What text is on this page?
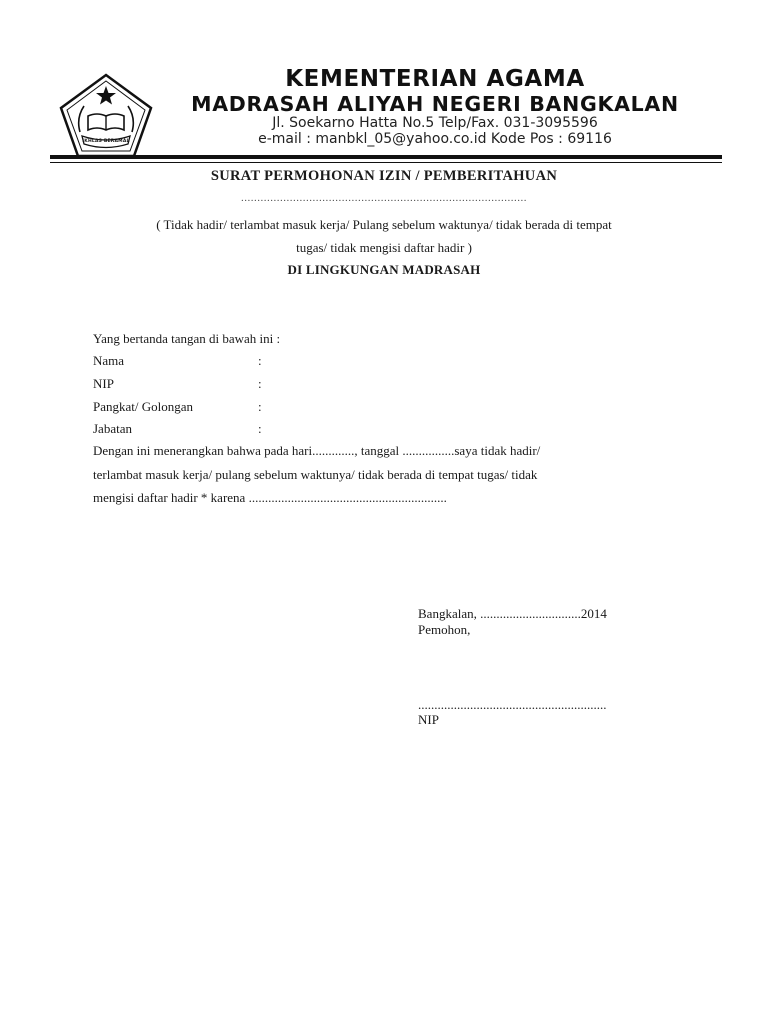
IKHLAS BERAMAL
KEMENTERIAN AGAMA
MADRASAH ALIYAH NEGERI BANGKALAN
Jl. Soekarno Hatta No.5 Telp/Fax. 031-3095596
e-mail : manbkl_05@yahoo.co.id Kode Pos : 69116
SURAT PERMOHONAN IZIN / PEMBERITAHUAN
........................................................................................
( Tidak hadir/ terlambat masuk kerja/ Pulang sebelum waktunya/ tidak berada di tempat
tugas/ tidak mengisi daftar hadir )
DI LINGKUNGAN MADRASAH
Yang bertanda tangan di bawah ini :
Nama	:
NIP	:
Pangkat/ Golongan	:
Jabatan	:
Dengan ini menerangkan bahwa pada hari............., tanggal ................saya tidak hadir/
terlambat masuk kerja/ pulang sebelum waktunya/ tidak berada di tempat tugas/ tidak
mengisi daftar hadir * karena .............................................................
Bangkalan, ...............................2014
Pemohon,
..........................................................
NIP
